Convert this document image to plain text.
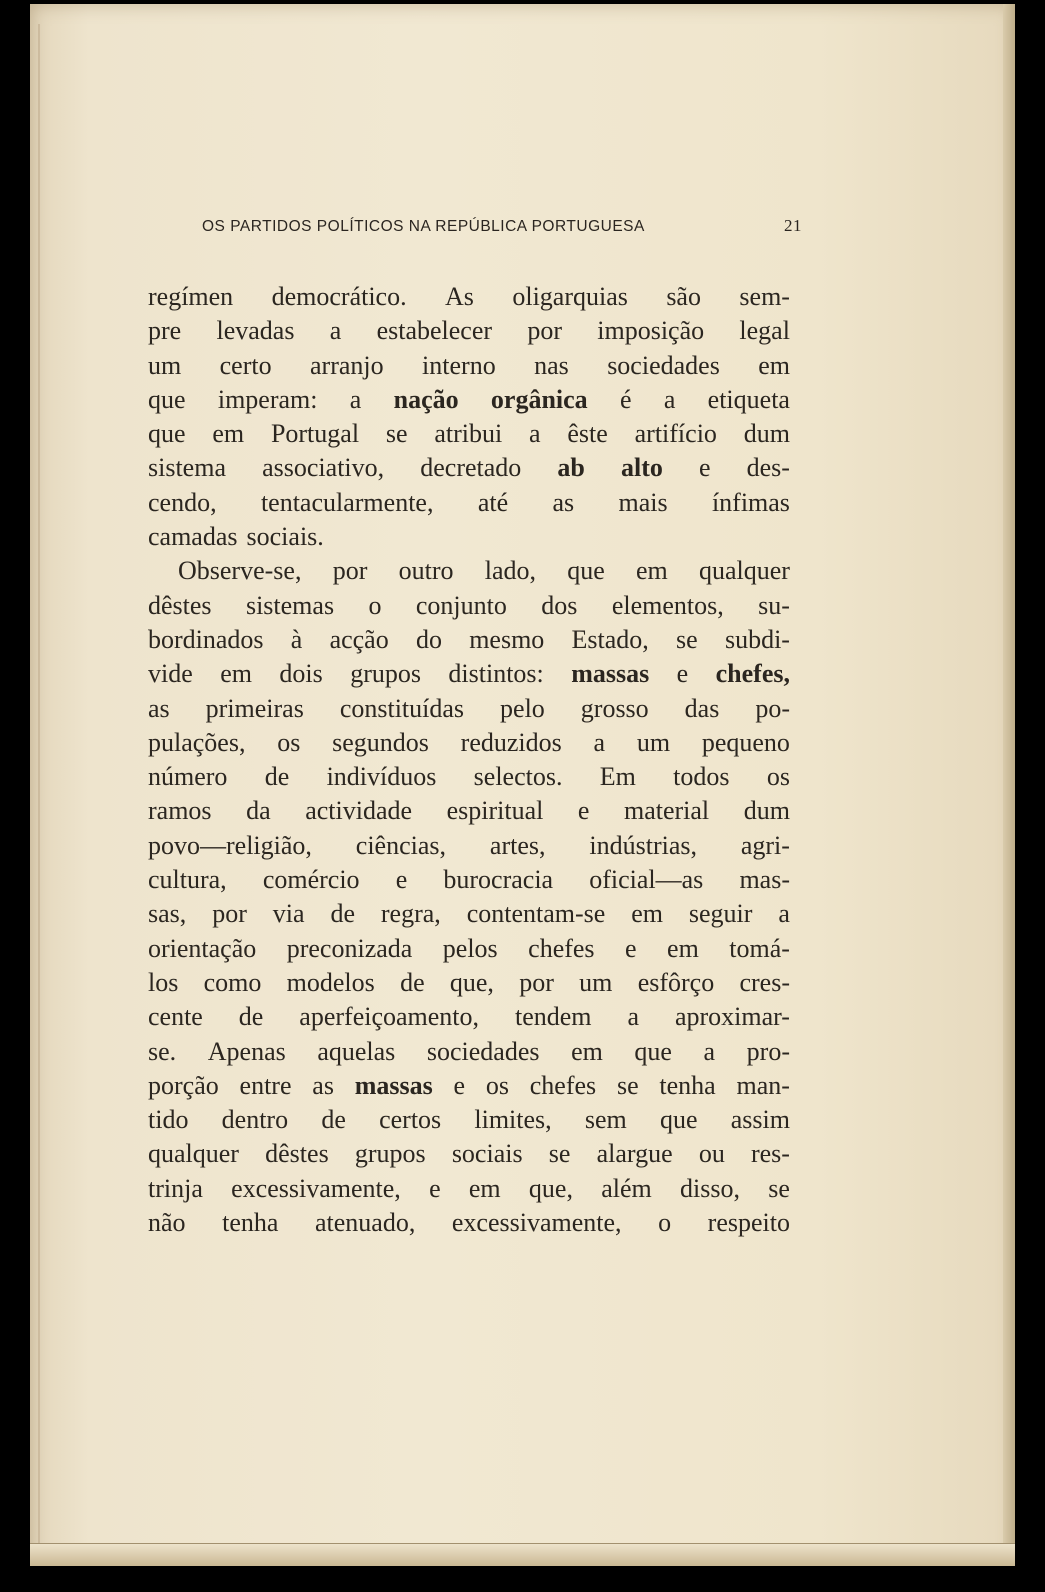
OS PARTIDOS POLÍTICOS NA REPÚBLICA PORTUGUESA	21
regímen democrático. As oligarquias são sem-
pre levadas a estabelecer por imposição legal
um certo arranjo interno nas sociedades em
que imperam: a nação orgânica é a etiqueta
que em Portugal se atribui a êste artifício dum
sistema associativo, decretado ab alto e des-
cendo, tentacularmente, até as mais ínfimas
camadas sociais.
Observe-se, por outro lado, que em qualquer
dêstes sistemas o conjunto dos elementos, su-
bordinados à acção do mesmo Estado, se subdi-
vide em dois grupos distintos: massas e chefes,
as primeiras constituídas pelo grosso das po-
pulações, os segundos reduzidos a um pequeno
número de indivíduos selectos. Em todos os
ramos da actividade espiritual e material dum
povo—religião, ciências, artes, indústrias, agri-
cultura, comércio e burocracia oficial—as mas-
sas, por via de regra, contentam-se em seguir a
orientação preconizada pelos chefes e em tomá-
los como modelos de que, por um esfôrço cres-
cente de aperfeiçoamento, tendem a aproximar-
se. Apenas aquelas sociedades em que a pro-
porção entre as massas e os chefes se tenha man-
tido dentro de certos limites, sem que assim
qualquer dêstes grupos sociais se alargue ou res-
trinja excessivamente, e em que, além disso, se
não tenha atenuado, excessivamente, o respeito
